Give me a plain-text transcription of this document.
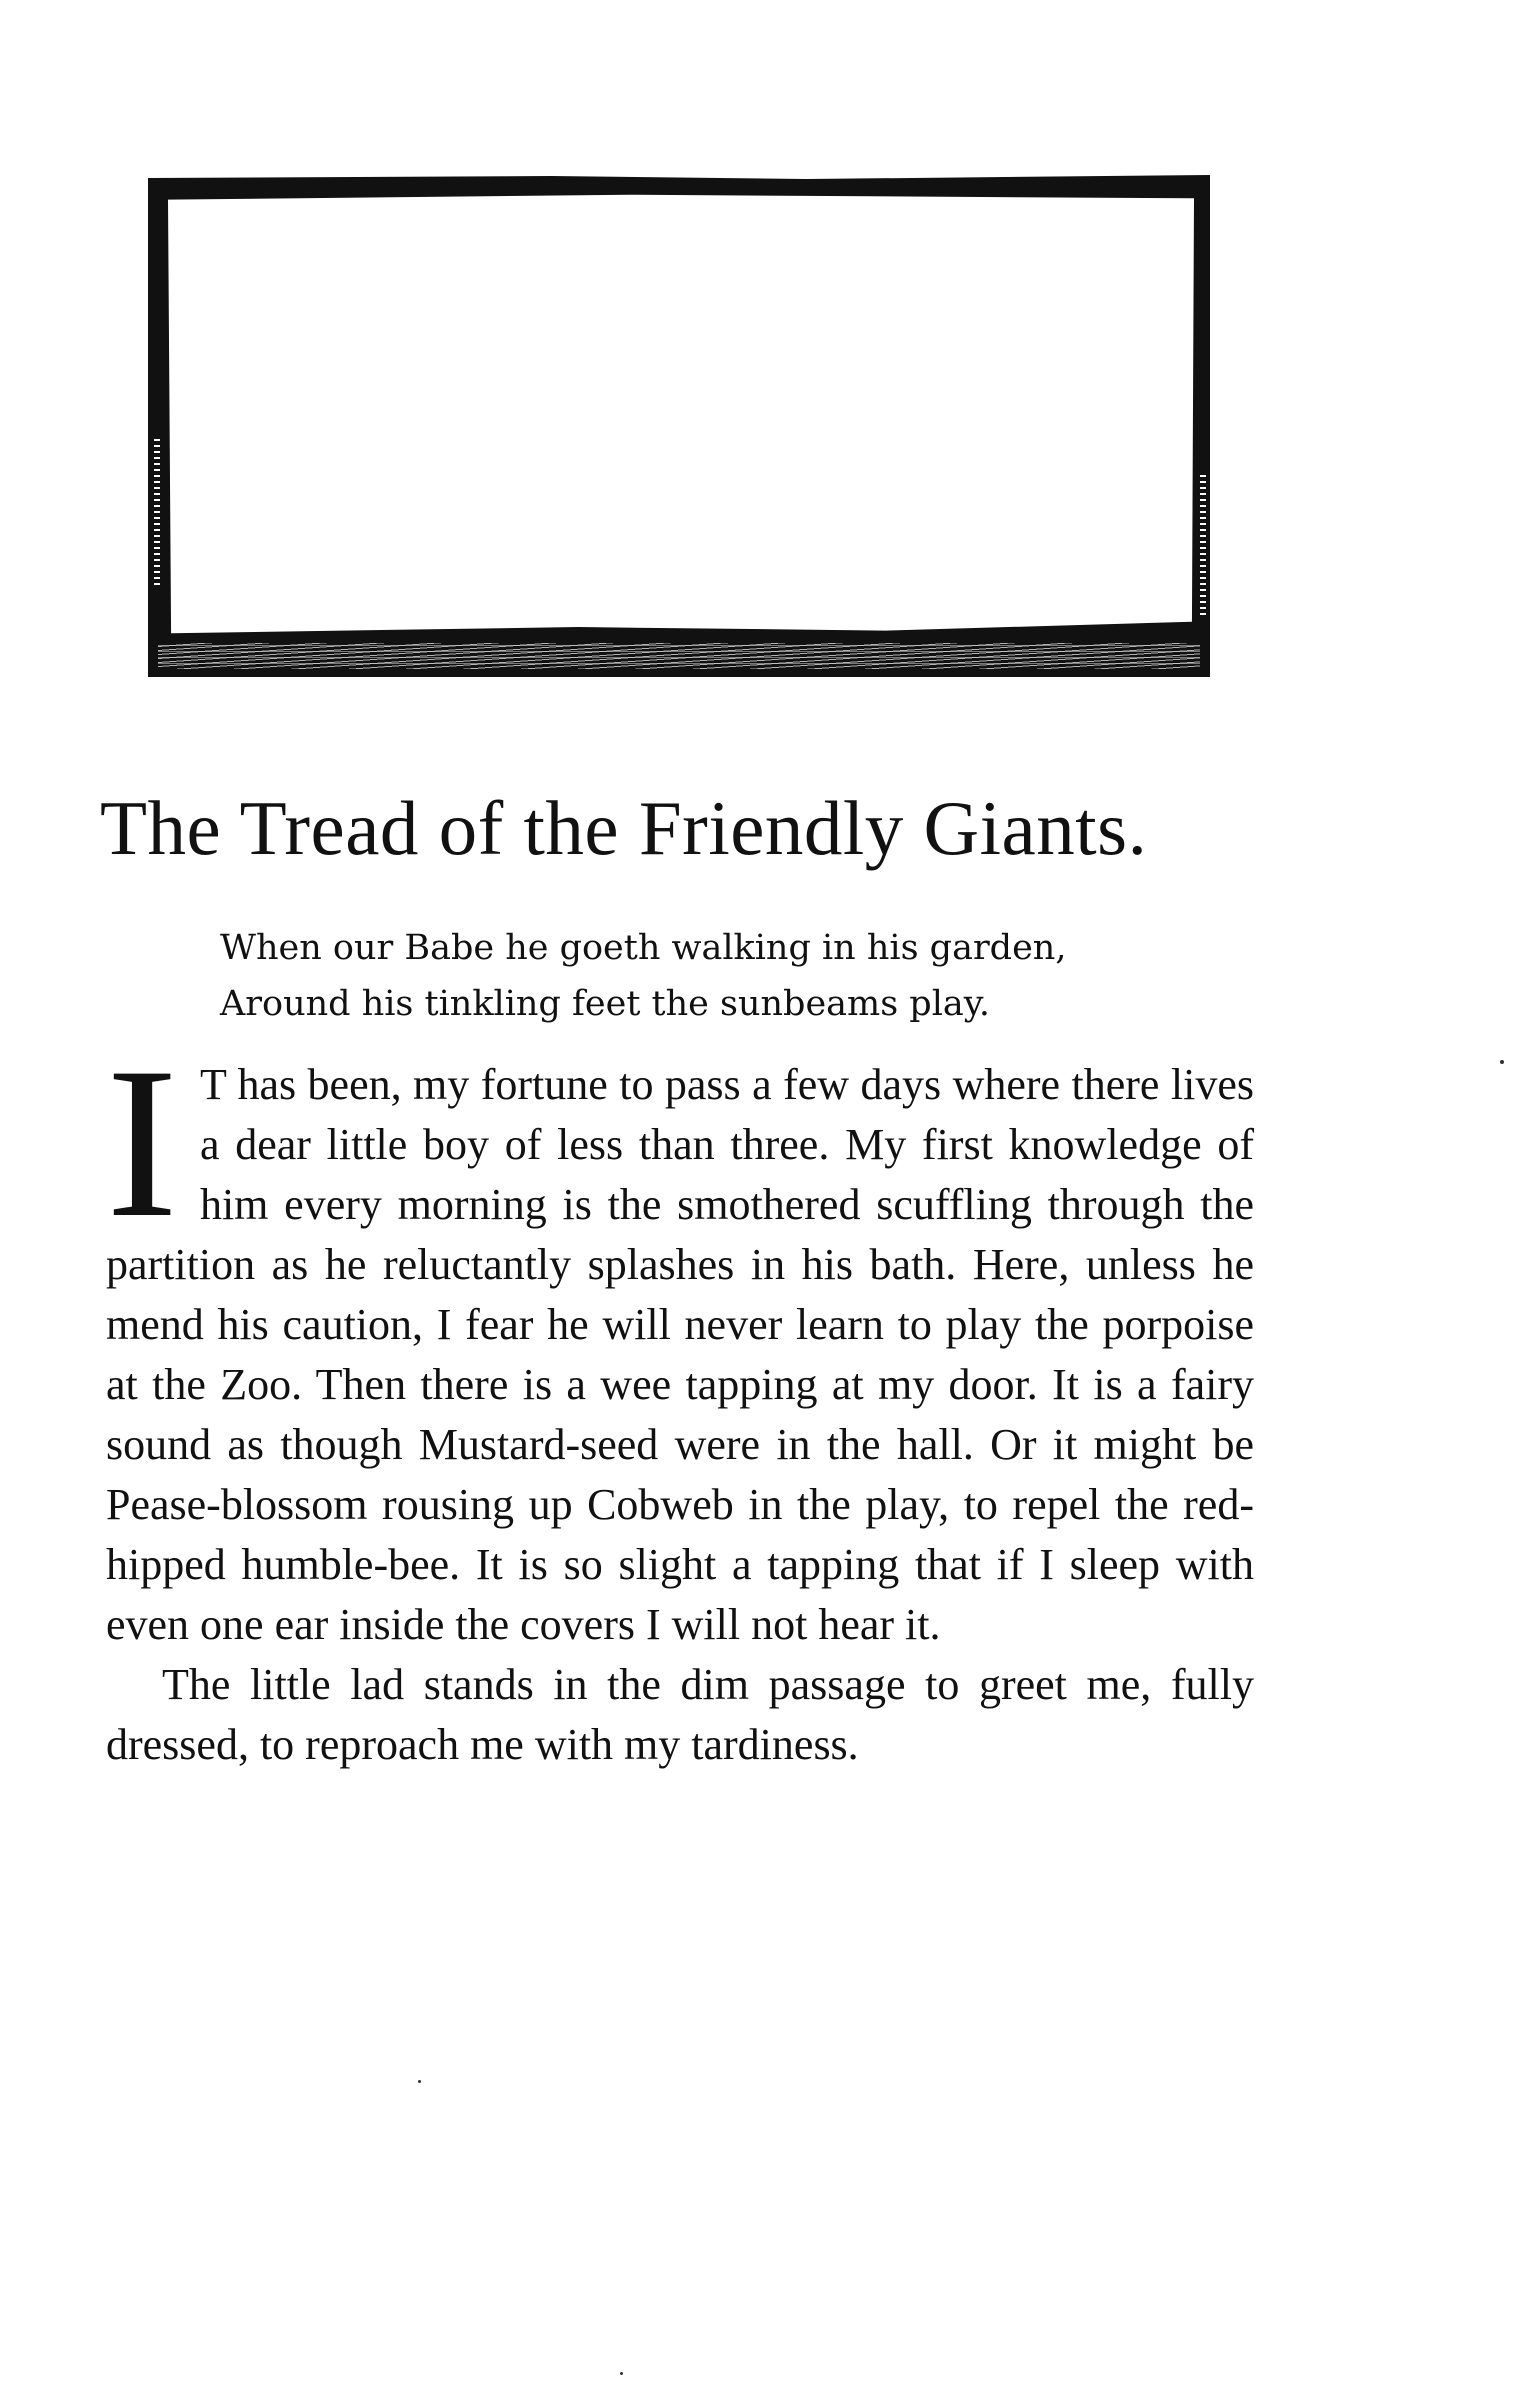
The Tread of the Friendly Giants.
When our Babe he goeth walking in his garden,
Around his tinkling feet the sunbeams play.

I T has been, my fortune to pass a few days where there lives a dear little boy of less than three. My first knowledge of him every morning is the smothered scuffling through the partition as he reluctantly splashes in his bath. Here, unless he mend his caution, I fear he will never learn to play the porpoise at the Zoo. Then there is a wee tapping at my door. It is a fairy sound as though Mustard-seed were in the hall. Or it might be Pease-blossom rousing up Cobweb in the play, to repel the red-hipped humble-bee. It is so slight a tapping that if I sleep with even one ear inside the covers I will not hear it.

The little lad stands in the dim passage to greet me, fully dressed, to reproach me with my tardiness.
